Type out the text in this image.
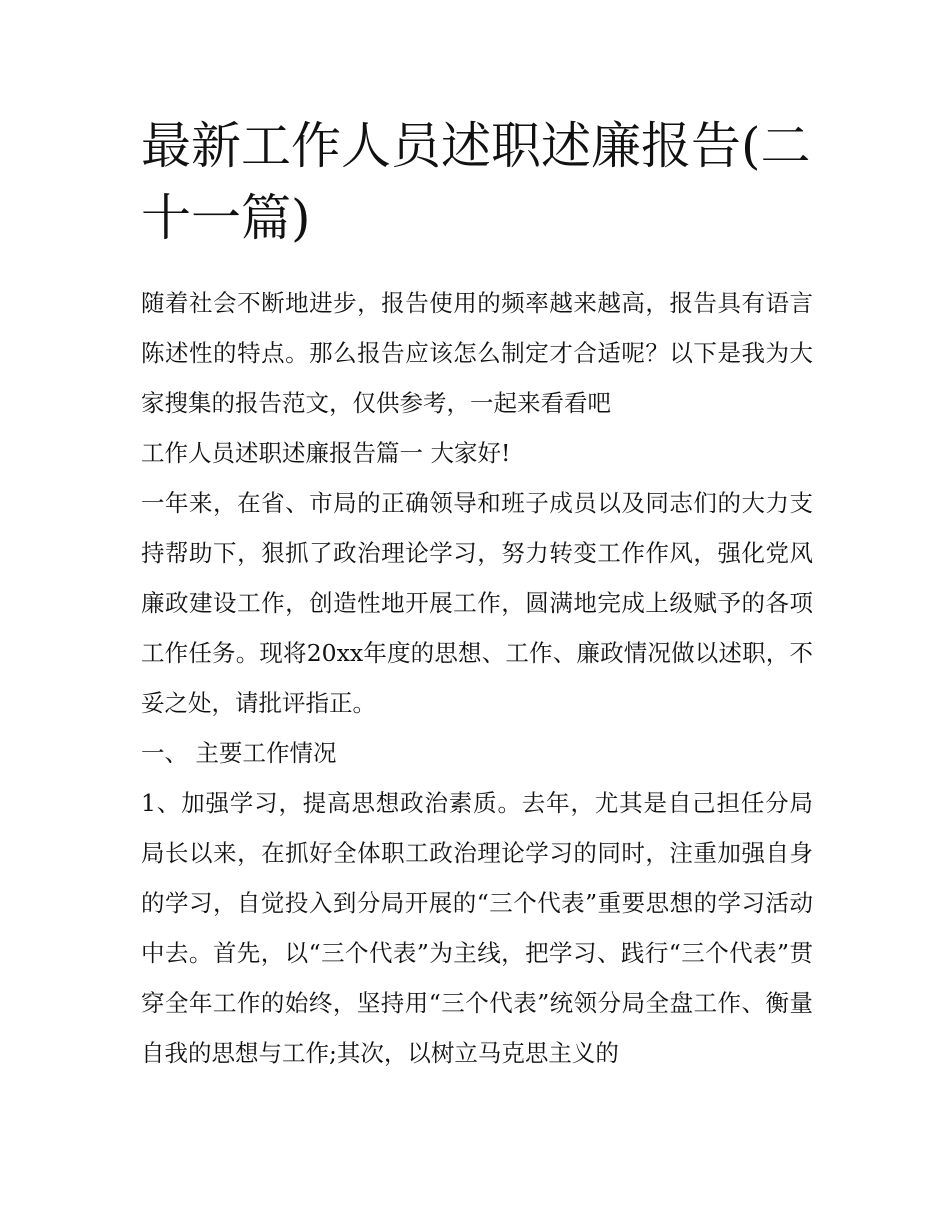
最新工作人员述职述廉报告(二十一篇)

随着社会不断地进步，报告使用的频率越来越高，报告具有语言陈述性的特点。那么报告应该怎么制定才合适呢？以下是我为大家搜集的报告范文，仅供参考，一起来看看吧

工作人员述职述廉报告篇一 大家好!

一年来，在省、市局的正确领导和班子成员以及同志们的大力支持帮助下，狠抓了政治理论学习，努力转变工作作风，强化党风廉政建设工作，创造性地开展工作，圆满地完成上级赋予的各项工作任务。现将20xx年度的思想、工作、廉政情况做以述职，不妥之处，请批评指正。

一、 主要工作情况

1、加强学习，提高思想政治素质。去年，尤其是自己担任分局局长以来，在抓好全体职工政治理论学习的同时，注重加强自身的学习，自觉投入到分局开展的“三个代表”重要思想的学习活动中去。首先，以“三个代表”为主线，把学习、践行“三个代表”贯穿全年工作的始终，坚持用“三个代表”统领分局全盘工作、衡量自我的思想与工作;其次，以树立马克思主义的
